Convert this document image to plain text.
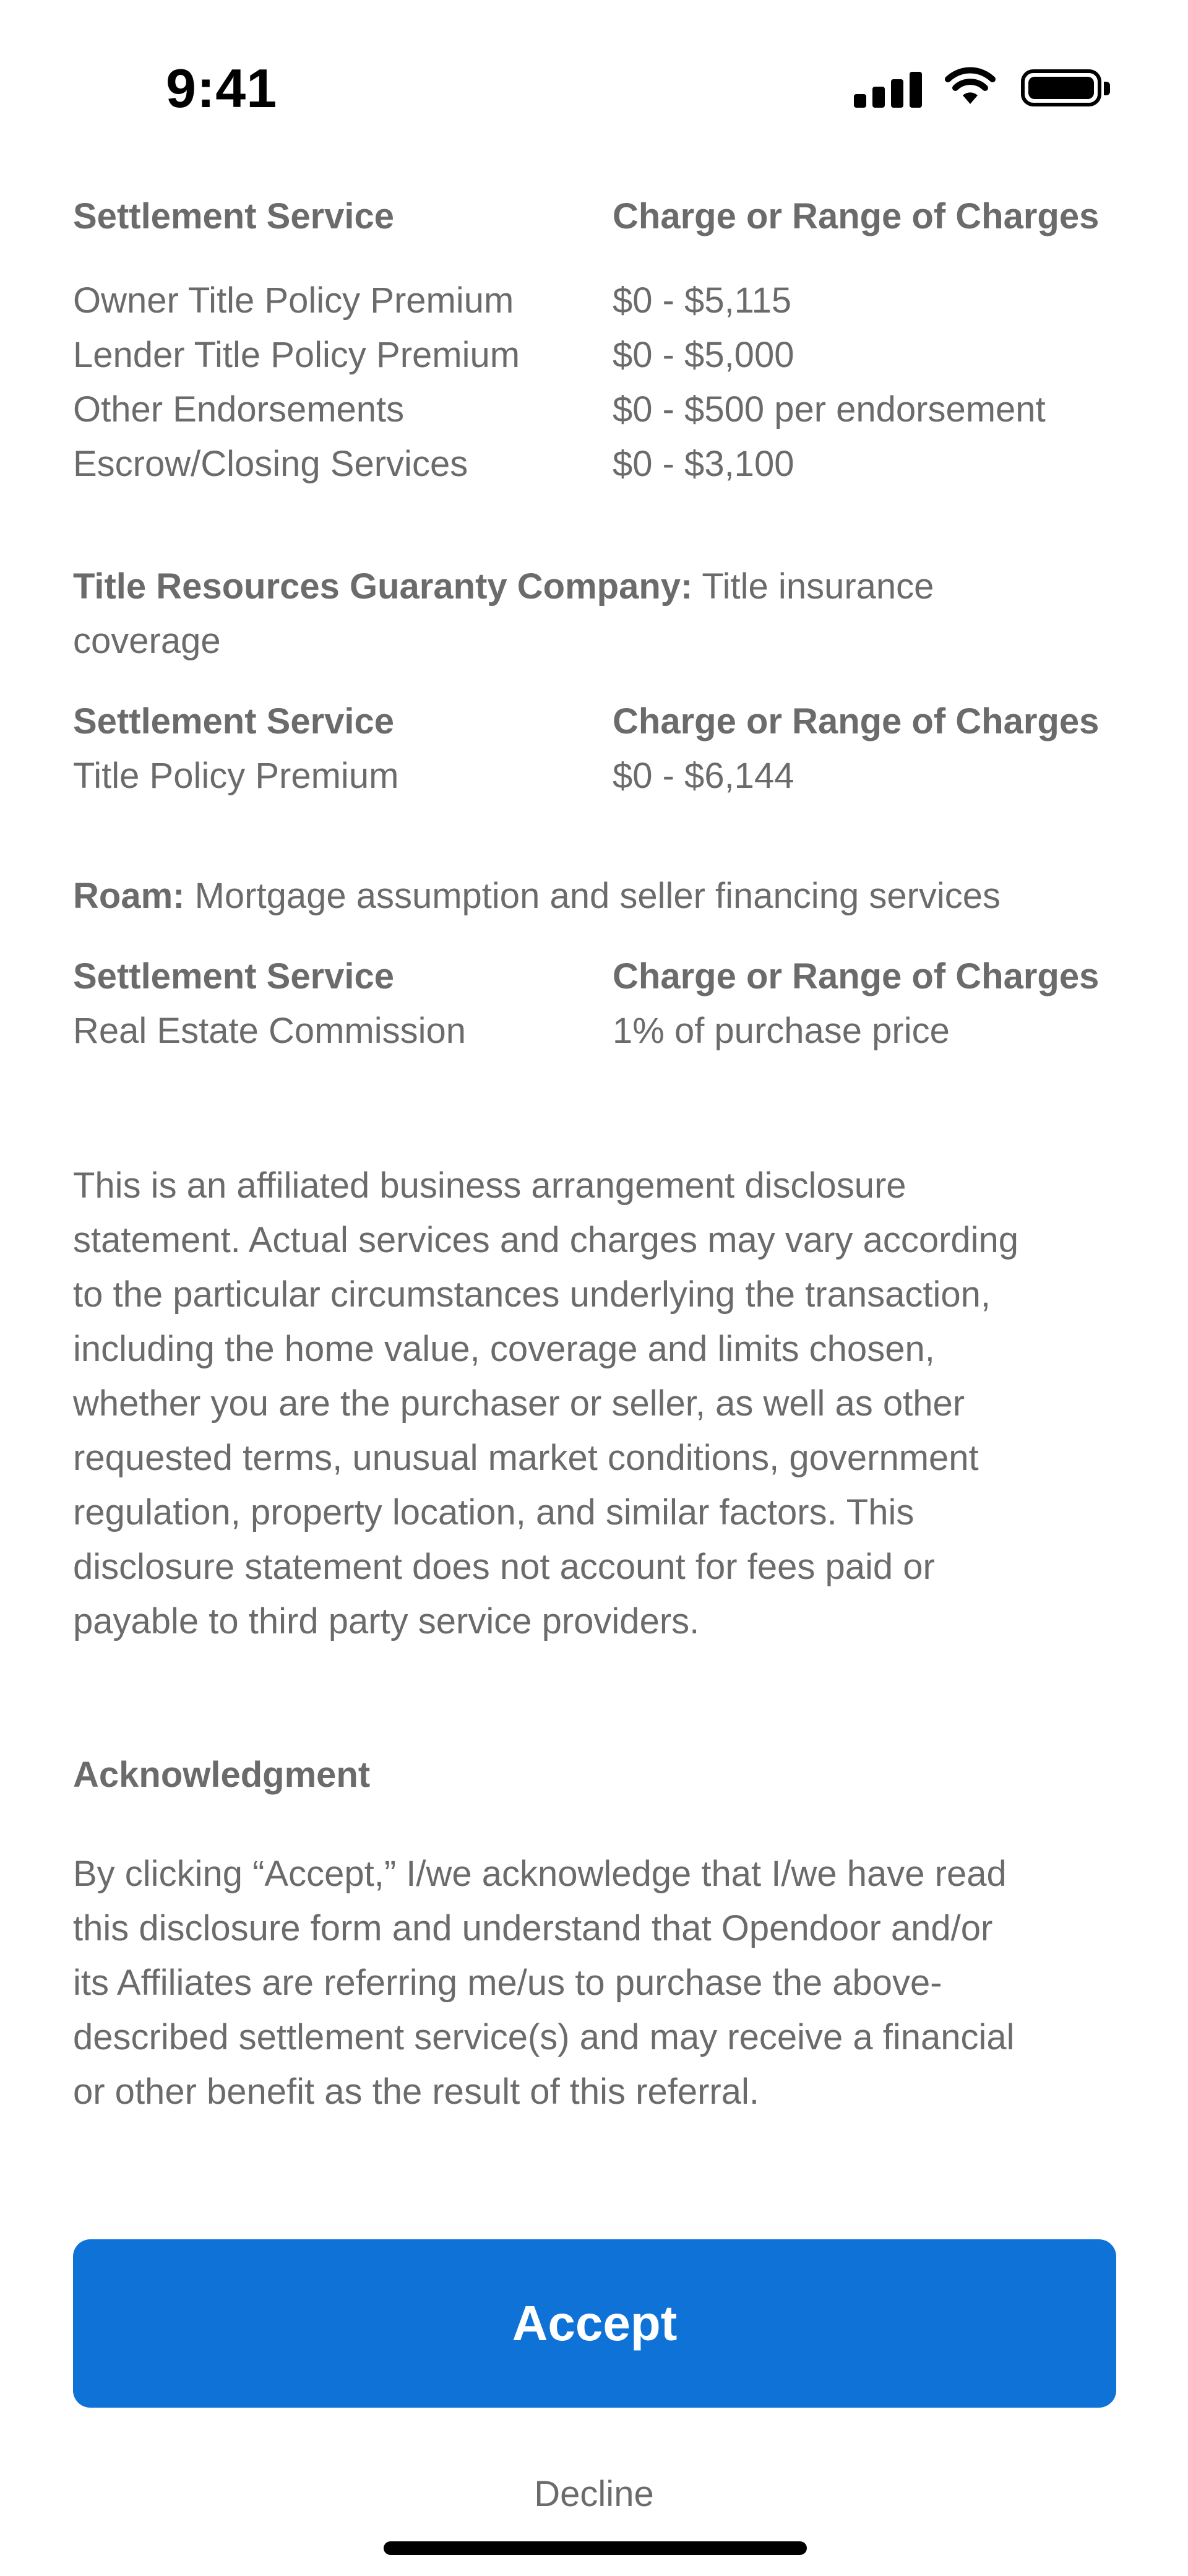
9:41
Settlement Service	Charge or Range of Charges
Owner Title Policy Premium	$0 - $5,115
Lender Title Policy Premium	$0 - $5,000
Other Endorsements	$0 - $500 per endorsement
Escrow/Closing Services	$0 - $3,100
Title Resources Guaranty Company: Title insurance
coverage
Settlement Service	Charge or Range of Charges
Title Policy Premium	$0 - $6,144
Roam: Mortgage assumption and seller financing services
Settlement Service	Charge or Range of Charges
Real Estate Commission	1% of purchase price
This is an affiliated business arrangement disclosure
statement. Actual services and charges may vary according
to the particular circumstances underlying the transaction,
including the home value, coverage and limits chosen,
whether you are the purchaser or seller, as well as other
requested terms, unusual market conditions, government
regulation, property location, and similar factors. This
disclosure statement does not account for fees paid or
payable to third party service providers.
Acknowledgment
By clicking “Accept,” I/we acknowledge that I/we have read
this disclosure form and understand that Opendoor and/or
its Affiliates are referring me/us to purchase the above-
described settlement service(s) and may receive a financial
or other benefit as the result of this referral.
Accept
Decline
